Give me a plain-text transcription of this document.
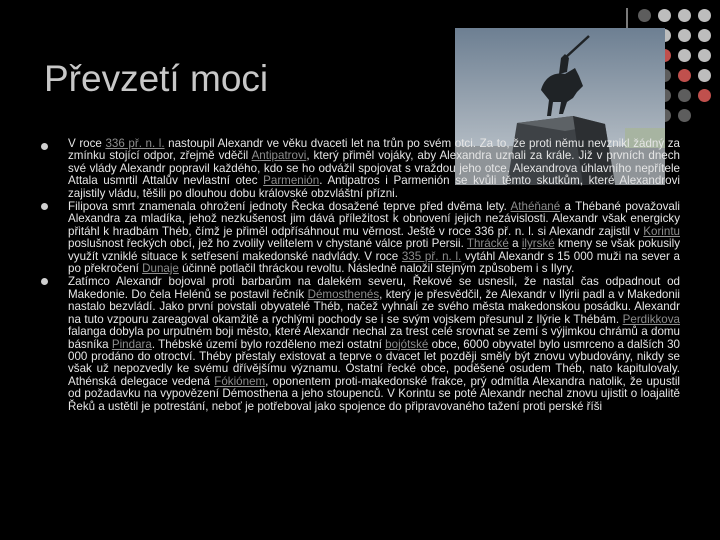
Převzetí moci
V roce 336 př. n. l. nastoupil Alexandr ve věku dvaceti let na trůn po svém otci. Za to, že proti němu nevznikl žádný za zmínku stojící odpor, zřejmě vděčil Antipatrovi, který přiměl vojáky, aby Alexandra uznali za krále. Již v prvních dnech své vlády Alexandr popravil každého, kdo se ho odvážil spojovat s vraždou jeho otce. Alexandrova úhlavního nepřítele Attala usmrtil Attalův nevlastní otec Parmenión. Antipatros i Parmenión se kvůli těmto skutkům, které Alexandrovi zajistily vládu, těšili po dlouhou dobu královské obzvláštní přízni.
Filipova smrt znamenala ohrožení jednoty Řecka dosažené teprve před dvěma lety. Athéňané a Thébané považovali Alexandra za mladíka, jehož nezkušenost jim dává příležitost k obnovení jejich nezávislosti. Alexandr však energicky přitáhl k hradbám Théb, čímž je přiměl odpřísáhnout mu věrnost. Ještě v roce 336 př. n. l. si Alexandr zajistil v Korintu poslušnost řeckých obcí, jež ho zvolily velitelem v chystané válce proti Persii. Thrácké a ilyrské kmeny se však pokusily využít vzniklé situace k setřesení makedonské nadvlády. V roce 335 př. n. l. vytáhl Alexandr s 15 000 muži na sever a po překročení Dunaje účinně potlačil thráckou revoltu. Následně naložil stejným způsobem i s Ilyry.
Zatímco Alexandr bojoval proti barbarům na dalekém severu, Řekové se usnesli, že nastal čas odpadnout od Makedonie. Do čela Helénů se postavil řečník Démosthenés, který je přesvědčil, že Alexandr v Ilýrii padl a v Makedonii nastalo bezvládí. Jako první povstali obyvatelé Théb, načež vyhnali ze svého města makedonskou posádku. Alexandr na tuto vzpouru zareagoval okamžitě a rychlými pochody se i se svým vojskem přesunul z Ilýrie k Thébám. Perdikkova falanga dobyla po urputném boji město, které Alexandr nechal za trest celé srovnat se zemí s výjimkou chrámů a domu básníka Pindara. Thébské území bylo rozděleno mezi ostatní bojótské obce, 6000 obyvatel bylo usmrceno a dalších 30 000 prodáno do otroctví. Théby přestaly existovat a teprve o dvacet let později směly být znovu vybudovány, nikdy se však už nepozvedly ke svému dřívějšímu významu. Ostatní řecké obce, poděšené osudem Théb, nato kapitulovaly. Athénská delegace vedená Fókiónem, oponentem proti-makedonské frakce, prý odmítla Alexandra natolik, že upustil od požadavku na vypovězení Démosthena a jeho stoupenců. V Korintu se poté Alexandr nechal znovu ujistit o loajalitě Řeků a ustětil je potrestání, neboť je potřeboval jako spojence do připravovaného tažení proti perské říši
